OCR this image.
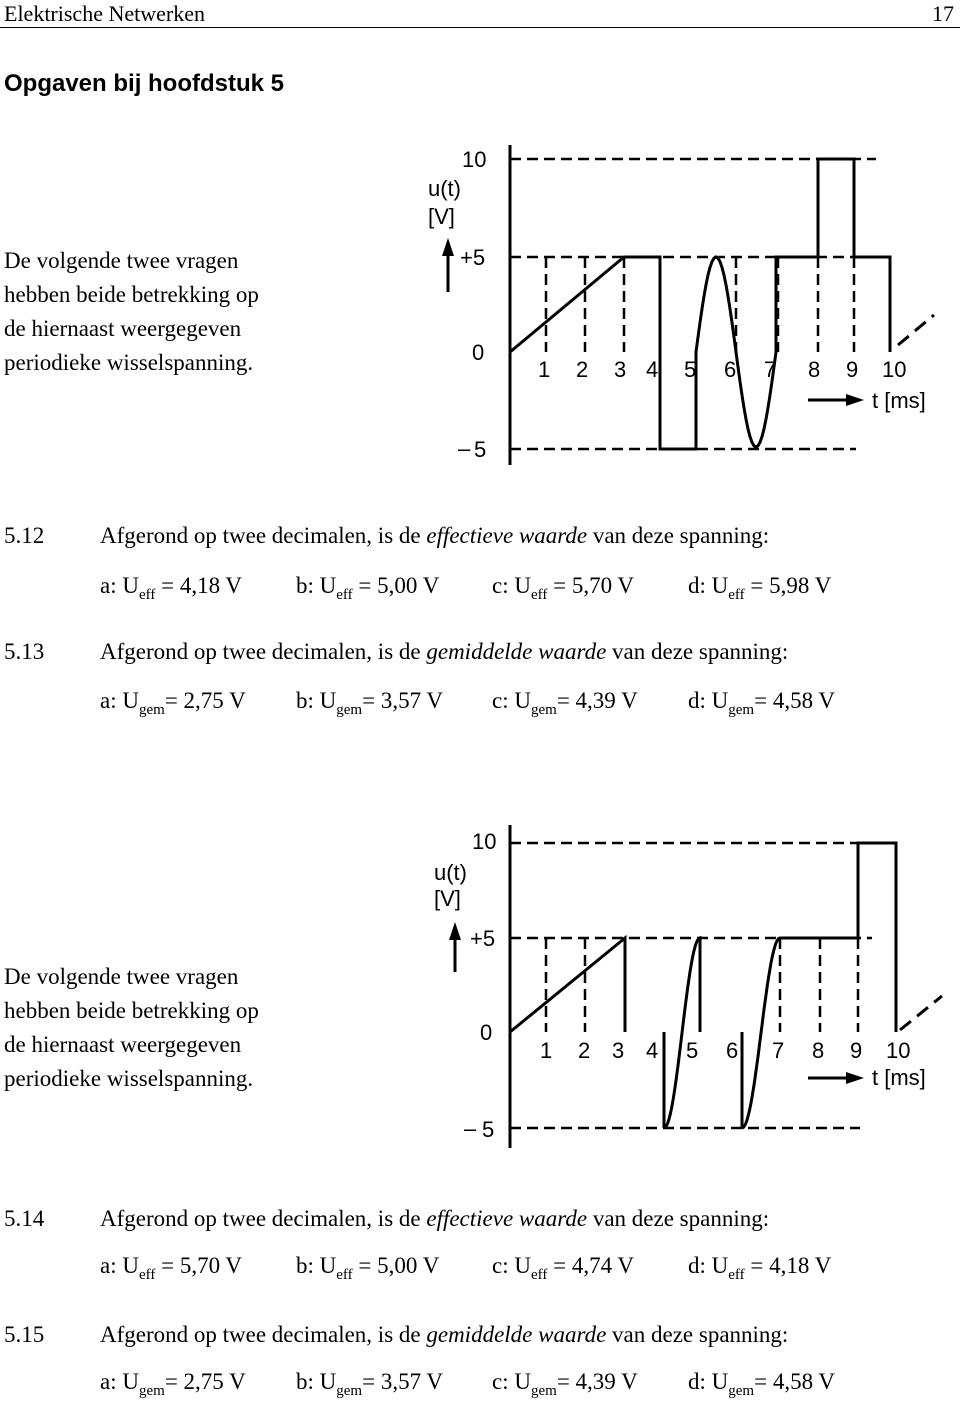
Elektrische Netwerken	17
Opgaven bij hoofdstuk 5
De volgende twee vragen
hebben beide betrekking op
de hiernaast weergegeven
periodieke wisselspanning.
u(t)
[V]
10
+5
0
– 5
1 2 3 4 5 6 7 8 9 10
t [ms]
5.12 Afgerond op twee decimalen, is de effectieve waarde van deze spanning:
a: $U_{eff} = 4,18$ V b: $U_{eff} = 5,00$ V c: $U_{eff} = 5,70$ V d: $U_{eff} = 5,98$ V
5.13 Afgerond op twee decimalen, is de gemiddelde waarde van deze spanning:
a: $U_{gem}= 2,75$ V b: $U_{gem}= 3,57$ V c: $U_{gem}= 4,39$ V d: $U_{gem}= 4,58$ V
De volgende twee vragen
hebben beide betrekking op
de hiernaast weergegeven
periodieke wisselspanning.
u(t)
[V]
10
+5
0
– 5
1 2 3 4 5 6 7 8 9 10
t [ms]
5.14 Afgerond op twee decimalen, is de effectieve waarde van deze spanning:
a: $U_{eff} = 5,70$ V b: $U_{eff} = 5,00$ V c: $U_{eff} = 4,74$ V d: $U_{eff} = 4,18$ V
5.15 Afgerond op twee decimalen, is de gemiddelde waarde van deze spanning:
a: $U_{gem}= 2,75$ V b: $U_{gem}= 3,57$ V c: $U_{gem}= 4,39$ V d: $U_{gem}= 4,58$ V
